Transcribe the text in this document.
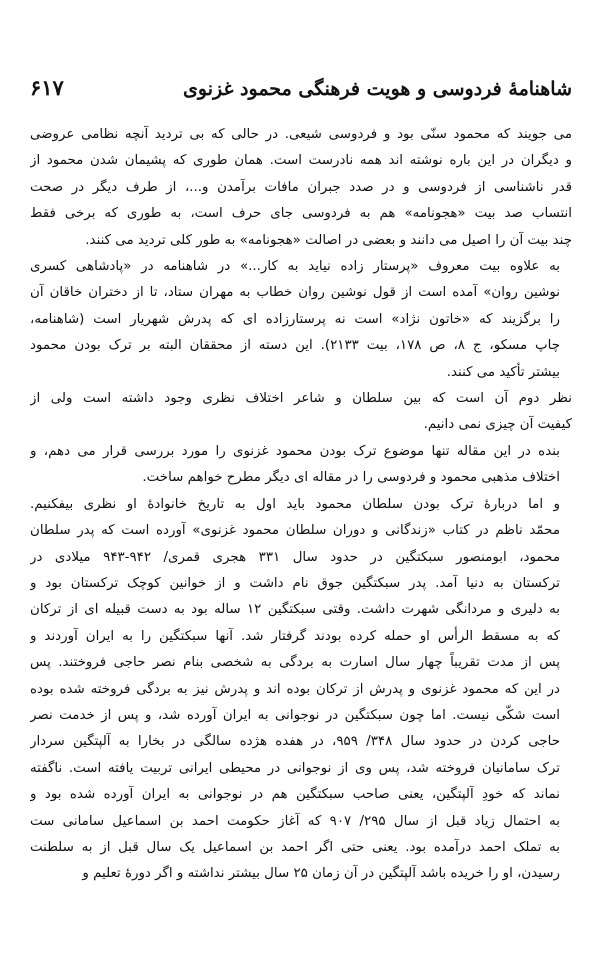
شاهنامهٔ فردوسی و هویت فرهنگی محمود غزنوی
۶۱۷

می جویند که محمود سنّی بود و فردوسی شیعی. در حالی که بی تردید آنچه نظامی عروضی
و دیگران در این باره نوشته اند همه نادرست است. همان طوری که پشیمان شدن محمود از
قدر ناشناسی از فردوسی و در صدد جبران مافات برآمدن و...، از طرف دیگر در صحت
انتساب صد بیت «هجونامه» هم به فردوسی جای حرف است، به طوری که برخی فقط
چند بیت آن را اصیل می دانند و بعضی در اصالت «هجونامه» به طور کلی تردید می کنند.

به علاوه بیت معروف «پرستار زاده نیاید به کار...» در شاهنامه در «پادشاهی کسری
نوشین روان» آمده است از قول نوشین روان خطاب به مهران ستاد، تا از دختران خاقان آن
را برگزیند که «خاتون نژاد» است نه پرستارزاده ای که پدرش شهریار است (شاهنامه،
چاپ مسکو، ج ۸، ص ۱۷۸، بیت ۲۱۳۳). این دسته از محققان البته بر ترک بودن محمود
بیشتر تأکید می کنند.

نظر دوم آن است که بین سلطان و شاعر اختلاف نظری وجود داشته است ولی از
کیفیت آن چیزی نمی دانیم.

بنده در این مقاله تنها موضوع ترک بودن محمود غزنوی را مورد بررسی قرار می دهم، و
اختلاف مذهبی محمود و فردوسی را در مقاله ای دیگر مطرح خواهم ساخت.

و اما دربارهٔ ترک بودن سلطان محمود باید اول به تاریخ خانوادهٔ او نظری بیفکنیم.
محمّد ناظم در کتاب «زندگانی و دوران سلطان محمود غزنوی» آورده است که پدر سلطان
محمود، ابومنصور سبکتگین در حدود سال ۳۳۱ هجری قمری/ ۹۴۲-۹۴۳ میلادی در
ترکستان به دنیا آمد. پدر سبکتگین جوق نام داشت و از خوانین کوچک ترکستان بود و
به دلیری و مردانگی شهرت داشت. وقتی سبکتگین ۱۲ ساله بود به دست قبیله ای از ترکان
که به مسقط الرأس او حمله کرده بودند گرفتار شد. آنها سبکتگین را به ایران آوردند و
پس از مدت تقریباً چهار سال اسارت به بردگی به شخصی بنام نصر حاجی فروختند. پس
در این که محمود غزنوی و پدرش از ترکان بوده اند و پدرش نیز به بردگی فروخته شده بوده
است شکّی نیست. اما چون سبکتگین در نوجوانی به ایران آورده شد، و پس از خدمت نصر
حاجی کردن در حدود سال ۳۴۸/ ۹۵۹، در هفده هژده سالگی در بخارا به آلپتگین سردار
ترک سامانیان فروخته شد، پس وی از نوجوانی در محیطی ایرانی تربیت یافته است. ناگفته
نماند که خودِ آلپتگین، یعنی صاحب سبکتگین هم در نوجوانی به ایران آورده شده بود و
به احتمال زیاد قبل از سال ۲۹۵/ ۹۰۷ که آغاز حکومت احمد بن اسماعیل سامانی ست
به تملک احمد درآمده بود. یعنی حتی اگر احمد بن اسماعیل یک سال قبل از به سلطنت
رسیدن، او را خریده باشد آلپتگین در آن زمان ۲۵ سال بیشتر نداشته و اگر دورهٔ تعلیم و
